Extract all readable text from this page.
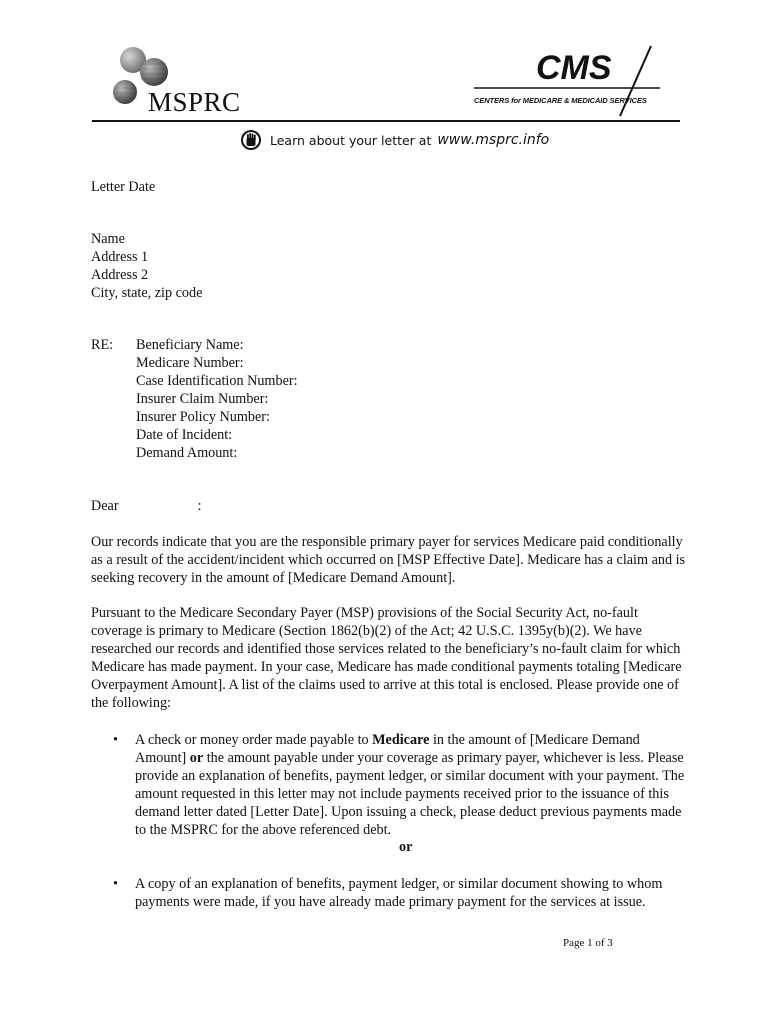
MSPRC
CMS
CENTERS for MEDICARE & MEDICAID SERVICES
Learn about your letter at www.msprc.info
Letter Date
Name
Address 1
Address 2
City, state, zip code
RE: Beneficiary Name:
Medicare Number:
Case Identification Number:
Insurer Claim Number:
Insurer Policy Number:
Date of Incident:
Demand Amount:
Dear	:
Our records indicate that you are the responsible primary payer for services Medicare paid conditionally as a result of the accident/incident which occurred on [MSP Effective Date]. Medicare has a claim and is seeking recovery in the amount of [Medicare Demand Amount].
Pursuant to the Medicare Secondary Payer (MSP) provisions of the Social Security Act, no-fault coverage is primary to Medicare (Section 1862(b)(2) of the Act; 42 U.S.C. 1395y(b)(2). We have researched our records and identified those services related to the beneficiary’s no-fault claim for which Medicare has made payment. In your case, Medicare has made conditional payments totaling [Medicare Overpayment Amount]. A list of the claims used to arrive at this total is enclosed. Please provide one of the following:
• A check or money order made payable to Medicare in the amount of [Medicare Demand Amount] or the amount payable under your coverage as primary payer, whichever is less. Please provide an explanation of benefits, payment ledger, or similar document with your payment. The amount requested in this letter may not include payments received prior to the issuance of this demand letter dated [Letter Date]. Upon issuing a check, please deduct previous payments made to the MSPRC for the above referenced debt.
or
• A copy of an explanation of benefits, payment ledger, or similar document showing to whom payments were made, if you have already made primary payment for the services at issue.
Page 1 of 3
